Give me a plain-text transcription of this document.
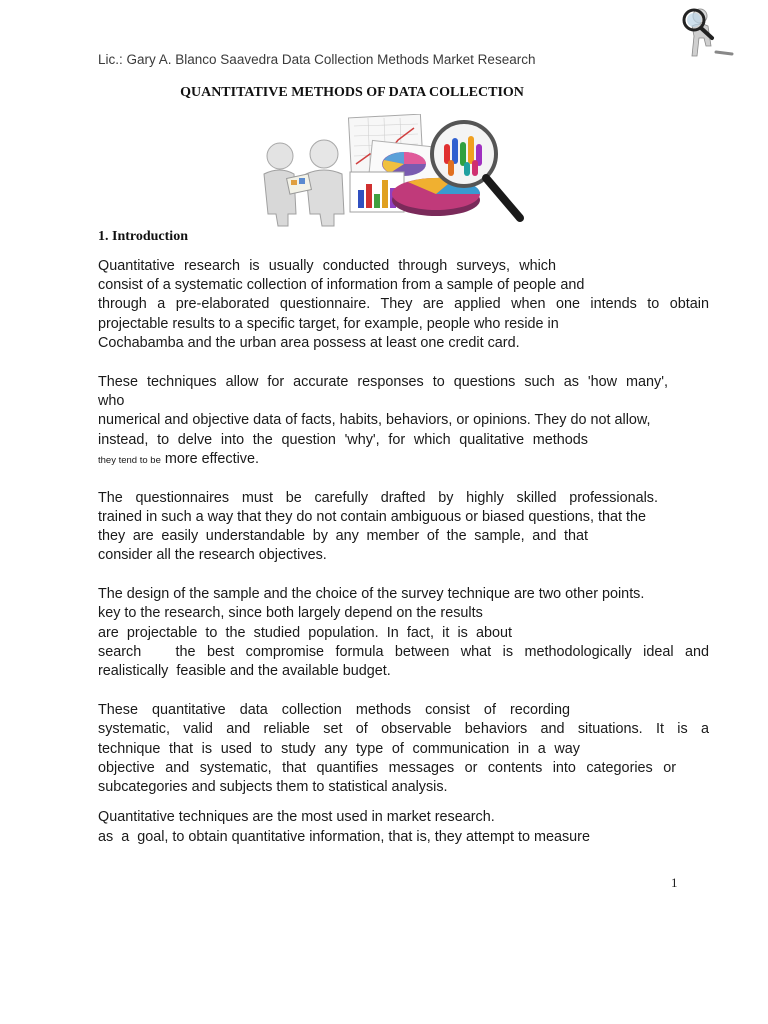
Lic.: Gary A. Blanco Saavedra Data Collection Methods Market Research
QUANTITATIVE METHODS OF DATA COLLECTION
1. Introduction
Quantitative research is usually conducted through surveys, which
consist of a systematic collection of information from a sample of people and
through a pre-elaborated questionnaire. They are applied when one intends to obtain
projectable results to a specific target, for example, people who reside in
Cochabamba and the urban area possess at least one credit card.
These techniques allow for accurate responses to questions such as 'how many',
who
numerical and objective data of facts, habits, behaviors, or opinions. They do not allow,
instead, to delve into the question 'why', for which qualitative methods
they tend to be more effective.
The questionnaires must be carefully drafted by highly skilled professionals.
trained in such a way that they do not contain ambiguous or biased questions, that the
they are easily understandable by any member of the sample, and that
consider all the research objectives.
The design of the sample and the choice of the survey technique are two other points.
key to the research, since both largely depend on the results
are projectable to the studied population. In fact, it is about
search   the best compromise formula between what is methodologically ideal and
realistically  feasible and the available budget.
These quantitative data collection methods consist of recording
systematic, valid and reliable set of observable behaviors and situations. It is a
technique that is used to study any type of communication in a way
objective and systematic, that quantifies messages or contents into categories or
subcategories and subjects them to statistical analysis.
Quantitative techniques are the most used in market research.
as  a  goal, to obtain quantitative information, that is, they attempt to measure
1
